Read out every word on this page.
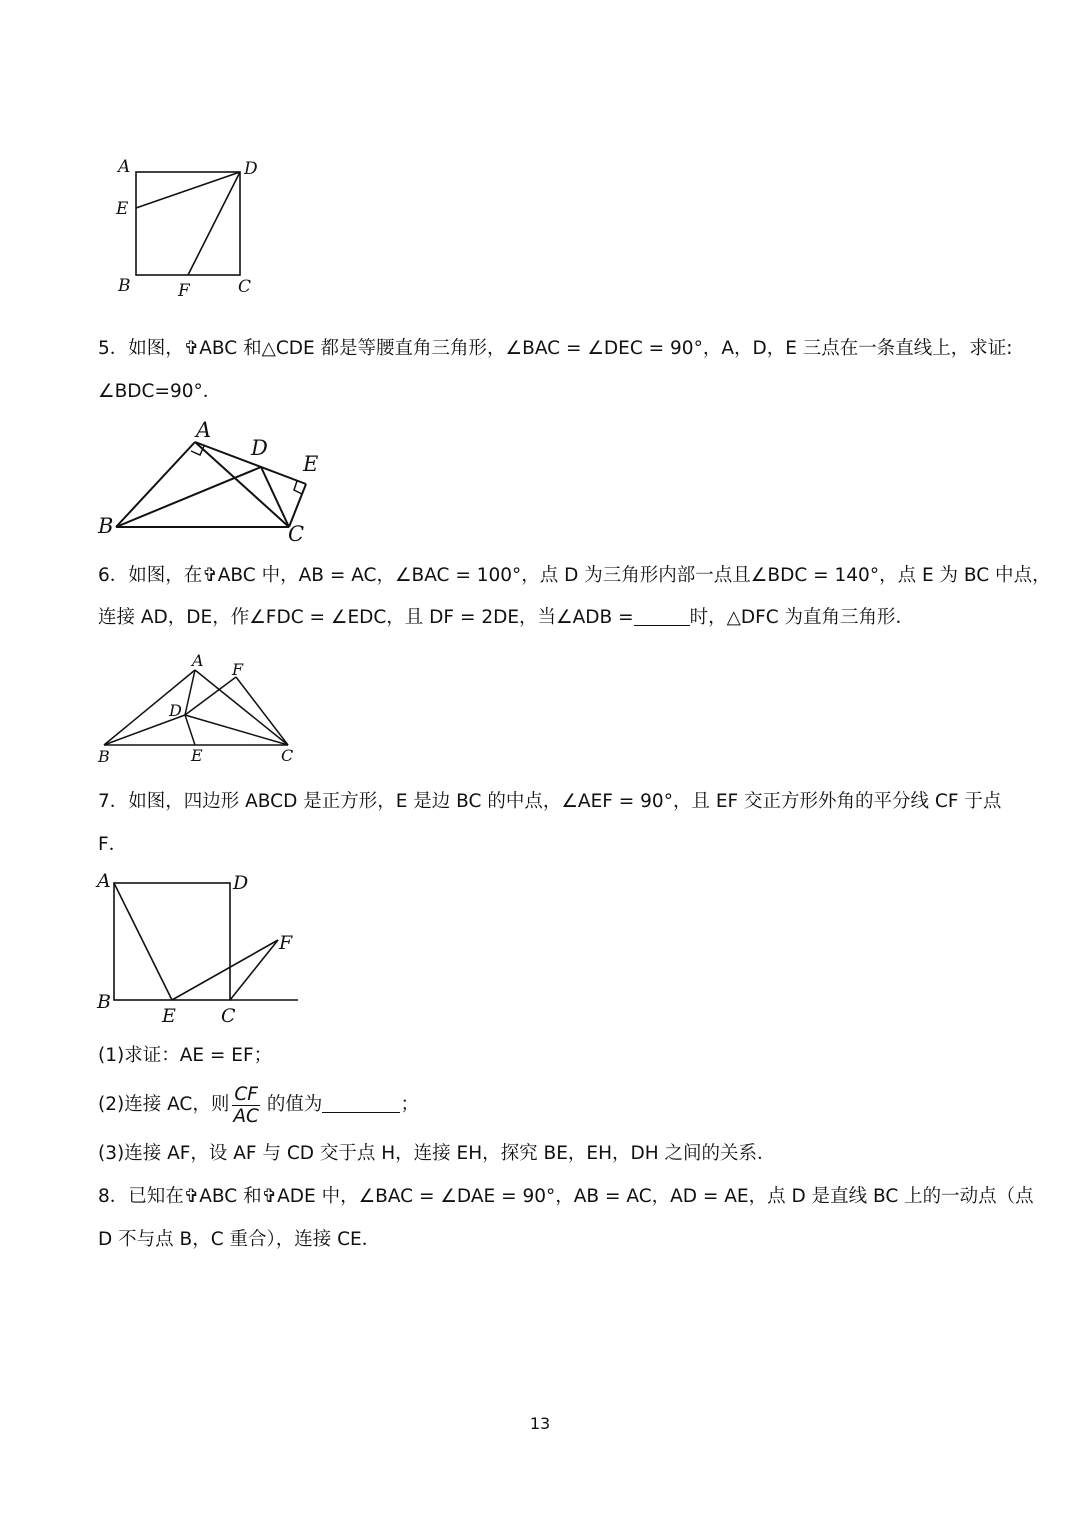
A	D
E
B	F	C
5．如图，✞ABC 和△CDE 都是等腰直角三角形，∠BAC = ∠DEC = 90°，A，D，E 三点在一条直线上，求证:
∠BDC=90°．
A
D
E
B	C
6．如图，在✞ABC 中，AB = AC，∠BAC = 100°，点 D 为三角形内部一点且∠BDC = 140°，点 E 为 BC 中点，
连接 AD，DE，作∠FDC = ∠EDC，且 DF = 2DE，当∠ADB =	时，△DFC 为直角三角形．
A F
D
B	E	C
7．如图，四边形 ABCD 是正方形，E 是边 BC 的中点，∠AEF = 90°，且 EF 交正方形外角的平分线 CF 于点
F．
A	D
F
B
E C
(1)求证：AE = EF；
(2)连接 AC，则 $\frac{CF}{AC}$ 的值为	；
(3)连接 AF，设 AF 与 CD 交于点 H，连接 EH，探究 BE，EH，DH 之间的关系．
8．已知在✞ABC 和✞ADE 中，∠BAC = ∠DAE = 90°，AB = AC，AD = AE，点 D 是直线 BC 上的一动点（点
D 不与点 B，C 重合），连接 CE．
13
